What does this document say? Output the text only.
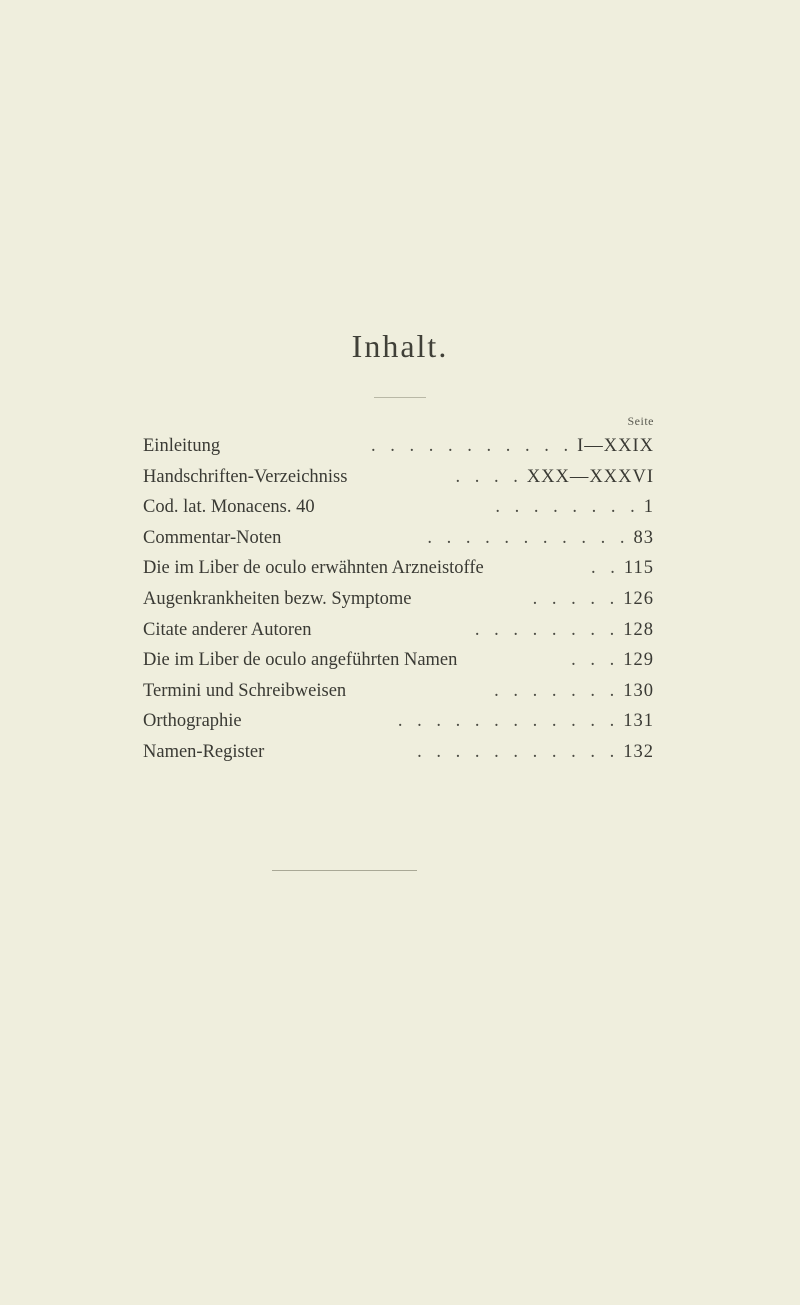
Inhalt.
Seite
Einleitung	. . . . . . . . . . . I—XXIX
Handschriften-Verzeichniss	. . . . XXX—XXXVI
Cod. lat. Monacens. 40	. . . . . . . . 1
Commentar-Noten	. . . . . . . . . . . 83
Die im Liber de oculo erwähnten Arzneistoffe	. . 115
Augenkrankheiten bezw. Symptome	. . . . . 126
Citate anderer Autoren	. . . . . . . . 128
Die im Liber de oculo angeführten Namen	. . . 129
Termini und Schreibweisen	. . . . . . . 130
Orthographie	. . . . . . . . . . . . 131
Namen-Register	. . . . . . . . . . . 132
